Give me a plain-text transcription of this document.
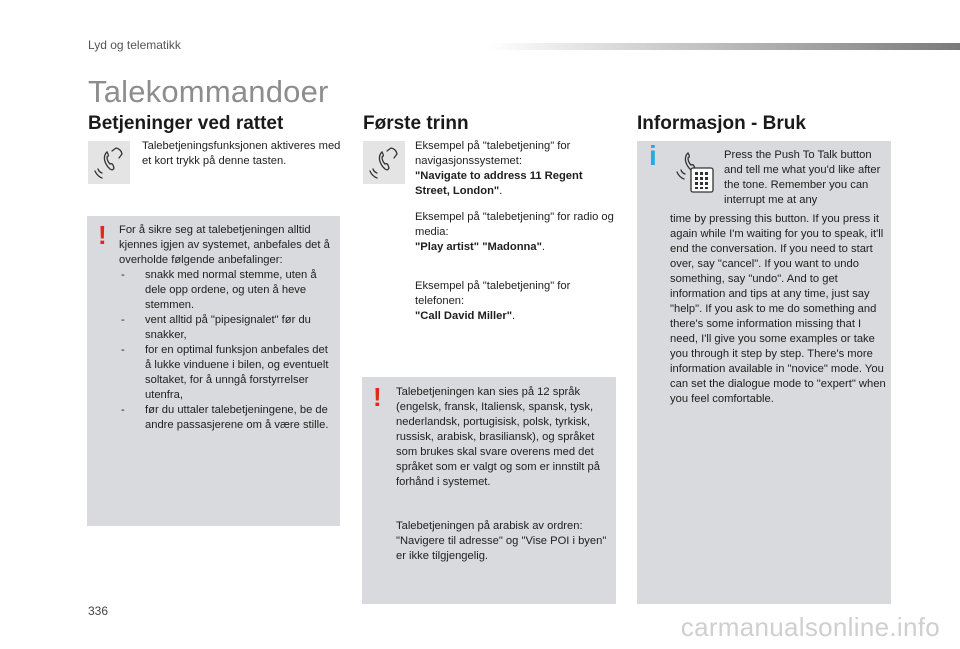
Lyd og telematikk
Talekommandoer
Betjeninger ved rattet
Talebetjeningsfunksjonen aktiveres med et kort trykk på denne tasten.
! For å sikre seg at talebetjeningen alltid kjennes igjen av systemet, anbefales det å overholde følgende anbefalinger:
- snakk med normal stemme, uten å dele opp ordene, og uten å heve stemmen.
- vent alltid på "pipesignalet" før du snakker,
- for en optimal funksjon anbefales det å lukke vinduene i bilen, og eventuelt soltaket, for å unngå forstyrrelser utenfra,
- før du uttaler talebetjeningene, be de andre passasjerene om å være stille.
Første trinn
Eksempel på "talebetjening" for navigasjonssystemet:
"Navigate to address 11 Regent Street, London".
Eksempel på "talebetjening" for radio og media:
"Play artist" "Madonna".
Eksempel på "talebetjening" for telefonen:
"Call David Miller".
! Talebetjeningen kan sies på 12 språk (engelsk, fransk, Italiensk, spansk, tysk, nederlandsk, portugisisk, polsk, tyrkisk, russisk, arabisk, brasiliansk), og språket som brukes skal svare overens med det språket som er valgt og som er innstilt på forhånd i systemet.
Talebetjeningen på arabisk av ordren: "Navigere til adresse" og "Vise POI i byen" er ikke tilgjengelig.
Informasjon - Bruk
i	Press the Push To Talk button and tell me what you'd like after the tone. Remember you can interrupt me at any
time by pressing this button. If you press it again while I'm waiting for you to speak, it'll end the conversation. If you need to start over, say "cancel". If you want to undo something, say "undo". And to get information and tips at any time, just say "help". If you ask to me do something and there's some information missing that I need, I'll give you some examples or take you through it step by step. There's more information available in "novice" mode. You can set the dialogue mode to "expert" when you feel comfortable.
336
carmanualsonline.info
